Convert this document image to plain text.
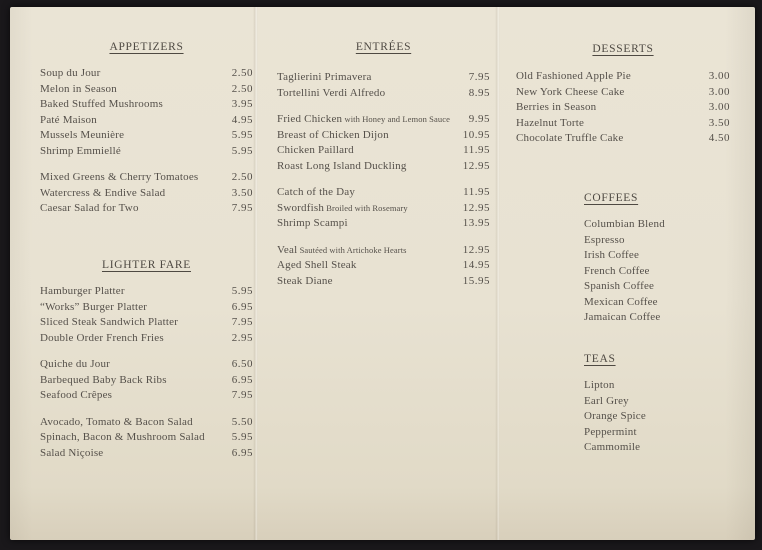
APPETIZERS
Soup du Jour	2.50
Melon in Season	2.50
Baked Stuffed Mushrooms	3.95
Paté Maison	4.95
Mussels Meunière	5.95
Shrimp Emmiellé	5.95
Mixed Greens & Cherry Tomatoes	2.50
Watercress & Endive Salad	3.50
Caesar Salad for Two	7.95
LIGHTER FARE
Hamburger Platter	5.95
“Works” Burger Platter	6.95
Sliced Steak Sandwich Platter	7.95
Double Order French Fries	2.95
Quiche du Jour	6.50
Barbequed Baby Back Ribs	6.95
Seafood Crêpes	7.95
Avocado, Tomato & Bacon Salad	5.50
Spinach, Bacon & Mushroom Salad 5.95
Salad Niçoise	6.95
ENTRÉES
Taglierini Primavera	7.95
Tortellini Verdi Alfredo	8.95
Fried Chicken with Honey and Lemon Sauce 9.95
Breast of Chicken Dijon	10.95
Chicken Paillard	11.95
Roast Long Island Duckling	12.95
Catch of the Day	11.95
Swordfish Broiled with Rosemary	12.95
Shrimp Scampi	13.95
Veal Sautéed with Artichoke Hearts	12.95
Aged Shell Steak	14.95
Steak Diane	15.95
DESSERTS
Old Fashioned Apple Pie	3.00
New York Cheese Cake	3.00
Berries in Season	3.00
Hazelnut Torte	3.50
Chocolate Truffle Cake	4.50
COFFEES
Columbian Blend
Espresso
Irish Coffee
French Coffee
Spanish Coffee
Mexican Coffee
Jamaican Coffee
TEAS
Lipton
Earl Grey
Orange Spice
Peppermint
Cammomile
